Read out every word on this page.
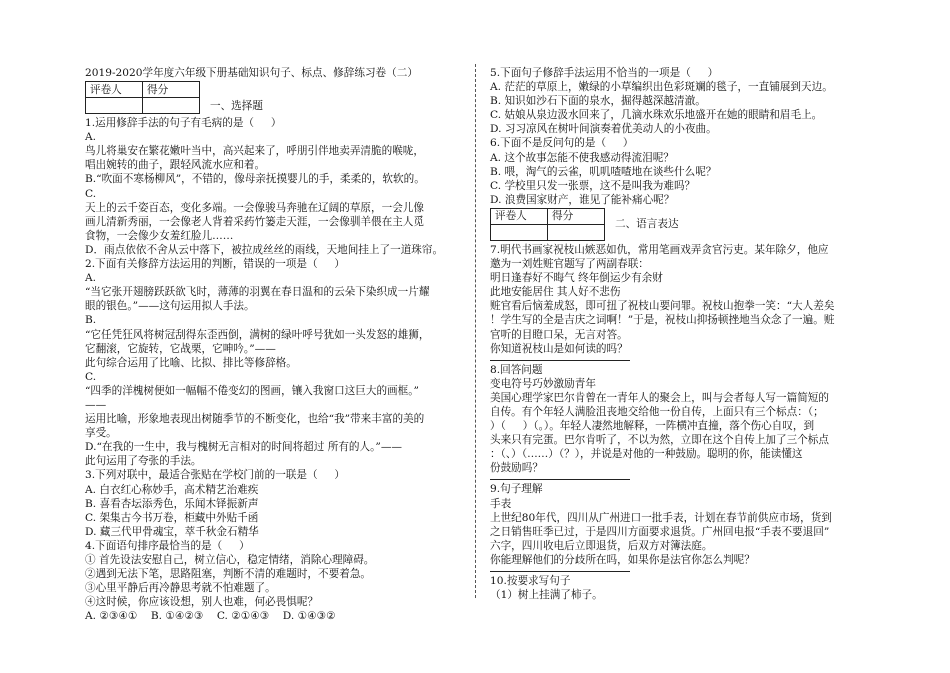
2019-2020学年度六年级下册基础知识句子、标点、修辞练习卷（二）
评卷人	得分

一、选择题
1.运用修辞手法的句子有毛病的是（     ）
A.
鸟儿将巢安在繁花嫩叶当中，高兴起来了，呼朋引伴地卖弄清脆的喉咙，
唱出婉转的曲子，跟轻风流水应和着。
B.“吹面不寒杨柳风”，不错的，像母亲抚摸婴儿的手，柔柔的，软软的。
C.
天上的云千姿百态，变化多端。一会像骏马奔驰在辽阔的草原，一会儿像
画儿清新秀丽，一会像老人背着采药竹篓走天涯，一会像驯羊偎在主人觅
食物，一会像少女羞红脸儿……
D．雨点依依不舍从云中落下，被拉成丝丝的雨线，天地间挂上了一道珠帘。
2.下面有关修辞方法运用的判断，错误的一项是（     ）
A.
“当它张开翅膀跃跃欲飞时，薄薄的羽翼在春日温和的云朵下染织成一片耀
眼的银色。”——这句运用拟人手法。
B.
“它任凭狂风将树冠刮得东歪西倒，满树的绿叶呼号犹如一头发怒的雄狮，
它翻滚，它旋转，它战栗，它呻吟。”——
此句综合运用了比喻、比拟、排比等修辞格。
C.
“四季的洋槐树便如一幅幅不倦变幻的图画，镶入我窗口这巨大的画框。”
——
运用比喻，形象地表现出树随季节的不断变化，也给“我”带来丰富的美的
享受。
D.“在我的一生中，我与槐树无言相对的时间将超过 所有的人。”——
此句运用了夸张的手法。
3.下列对联中，最适合张贴在学校门前的一联是（     ）
A. 白衣红心称妙手，高术精艺治难疾
B. 喜看杏坛添秀色，乐闻木铎振新声
C. 架集古今书万卷，柜藏中外贴千函
D. 藏三代甲骨魂宝，萃千秋金石精华
4.下面语句排序最恰当的是（     ）
① 首先设法安慰自己，树立信心，稳定情绪，消除心理障碍。
②遇到无法下笔，思路阻塞，判断不清的难题时，不要着急。
③心里平静后再冷静思考就不怕难题了。
④这时候，你应该设想，别人也难，何必畏惧呢？
A. ②③④①    B. ①④②③    C. ②①④③    D. ①④③②
5.下面句子修辞手法运用不恰当的一项是（     ）
A. 茫茫的草原上，嫩绿的小草编织出色彩斑斓的毯子，一直铺展到天边。
B. 知识如沙石下面的泉水，掘得越深越清澈。
C. 姑娘从泉边汲水回来了，几滴水珠欢乐地盛开在她的眼睛和眉毛上。
D. 习习凉风在树叶间演奏着优美动人的小夜曲。
6.下面不是反问句的是（     ）
A. 这个故事怎能不使我感动得流泪呢？
B. 喂，淘气的云雀，叽叽喳喳地在谈些什么呢？
C. 学校里只发一张票，这不是叫我为难吗？
D. 浪费国家财产，谁见了能补痛心呢？
评卷人	得分

二、语言表达
7.明代书画家祝枝山嫉恶如仇，常用笔画戏弄贪官污吏。某年除夕，他应
邀为一刘姓赃官题写了两副春联：
明日逢春好不晦气 终年倒运少有余财
此地安能居住 其人好不悲伤
赃官看后恼羞成怒，即可扭了祝枝山要问罪。祝枝山抱拳一笑：“大人差矣
！学生写的全是吉庆之词啊！”于是，祝枝山抑扬顿挫地当众念了一遍。赃
官听的目瞪口呆，无言对答。
你知道祝枝山是如何读的吗？
8.回答问题
变电符号巧妙激励青年
美国心理学家巴尔肯曾在一青年人的聚会上，叫与会者每人写一篇简短的
自传。有个年轻人满脸沮丧地交给他一份自传，上面只有三个标点：（；
）（     ）（。）。年轻人凄然地解释，一阵横冲直撞，落个伤心自叹，到
头来只有完蛋。巴尔肯听了，不以为然，立即在这个自传上加了三个标点
：（、）（……）（？），并说是对他的一种鼓励。聪明的你，能读懂这
份鼓励吗？
9.句子理解
手表
上世纪80年代，四川从广州进口一批手表，计划在春节前供应市场，货到
之日销售旺季已过，于是四川方面要求退货。广州回电报“手表不要退回”
六字，四川收电后立即退货，后双方对簿法庭。
你能理解他们的分歧所在吗，如果你是法官你怎么判呢？
10.按要求写句子
（1）树上挂满了柿子。
